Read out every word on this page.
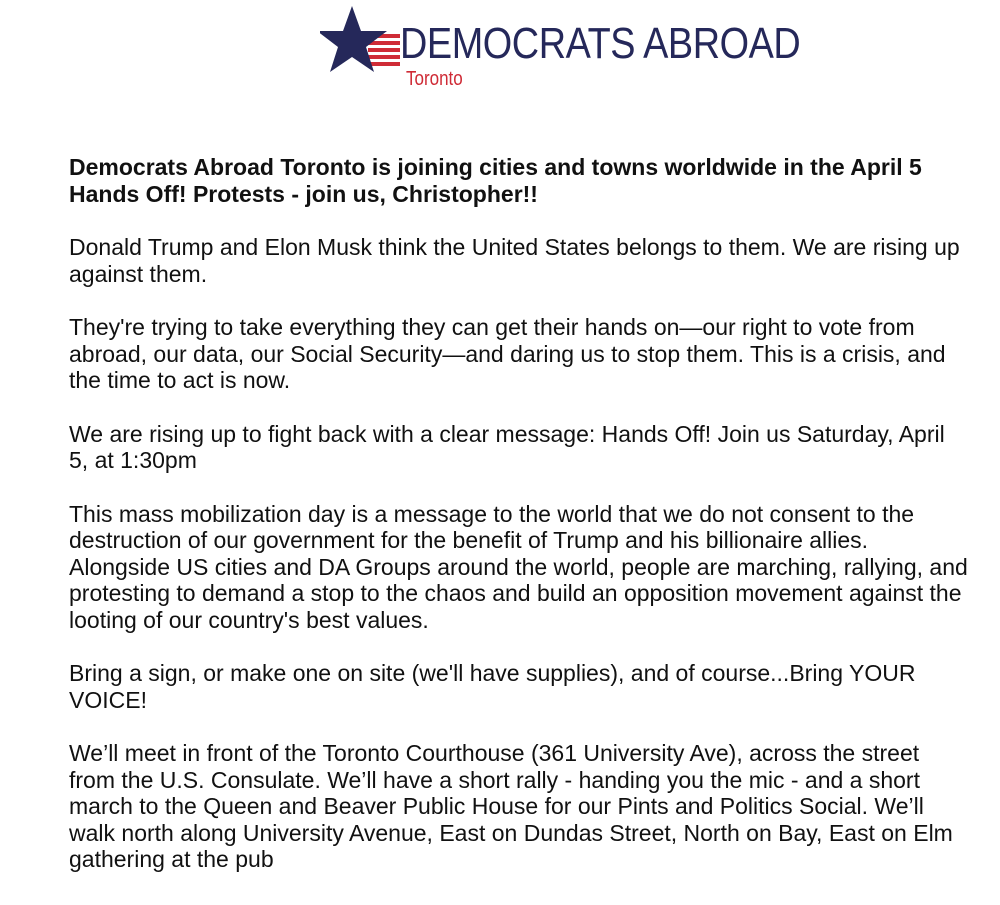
DEMOCRATS ABROAD
Toronto

Democrats Abroad Toronto is joining cities and towns worldwide in the April 5 Hands Off! Protests - join us, Christopher!!

Donald Trump and Elon Musk think the United States belongs to them. We are rising up against them.

They're trying to take everything they can get their hands on—our right to vote from abroad, our data, our Social Security—and daring us to stop them. This is a crisis, and the time to act is now.

We are rising up to fight back with a clear message: Hands Off! Join us Saturday, April 5, at 1:30pm

This mass mobilization day is a message to the world that we do not consent to the destruction of our government for the benefit of Trump and his billionaire allies. Alongside US cities and DA Groups around the world, people are marching, rallying, and protesting to demand a stop to the chaos and build an opposition movement against the looting of our country's best values.

Bring a sign, or make one on site (we'll have supplies), and of course...Bring YOUR VOICE!

We’ll meet in front of the Toronto Courthouse (361 University Ave), across the street from the U.S. Consulate. We’ll have a short rally - handing you the mic - and a short march to the Queen and Beaver Public House for our Pints and Politics Social. We’ll walk north along University Avenue, East on Dundas Street, North on Bay, East on Elm gathering at the pub
